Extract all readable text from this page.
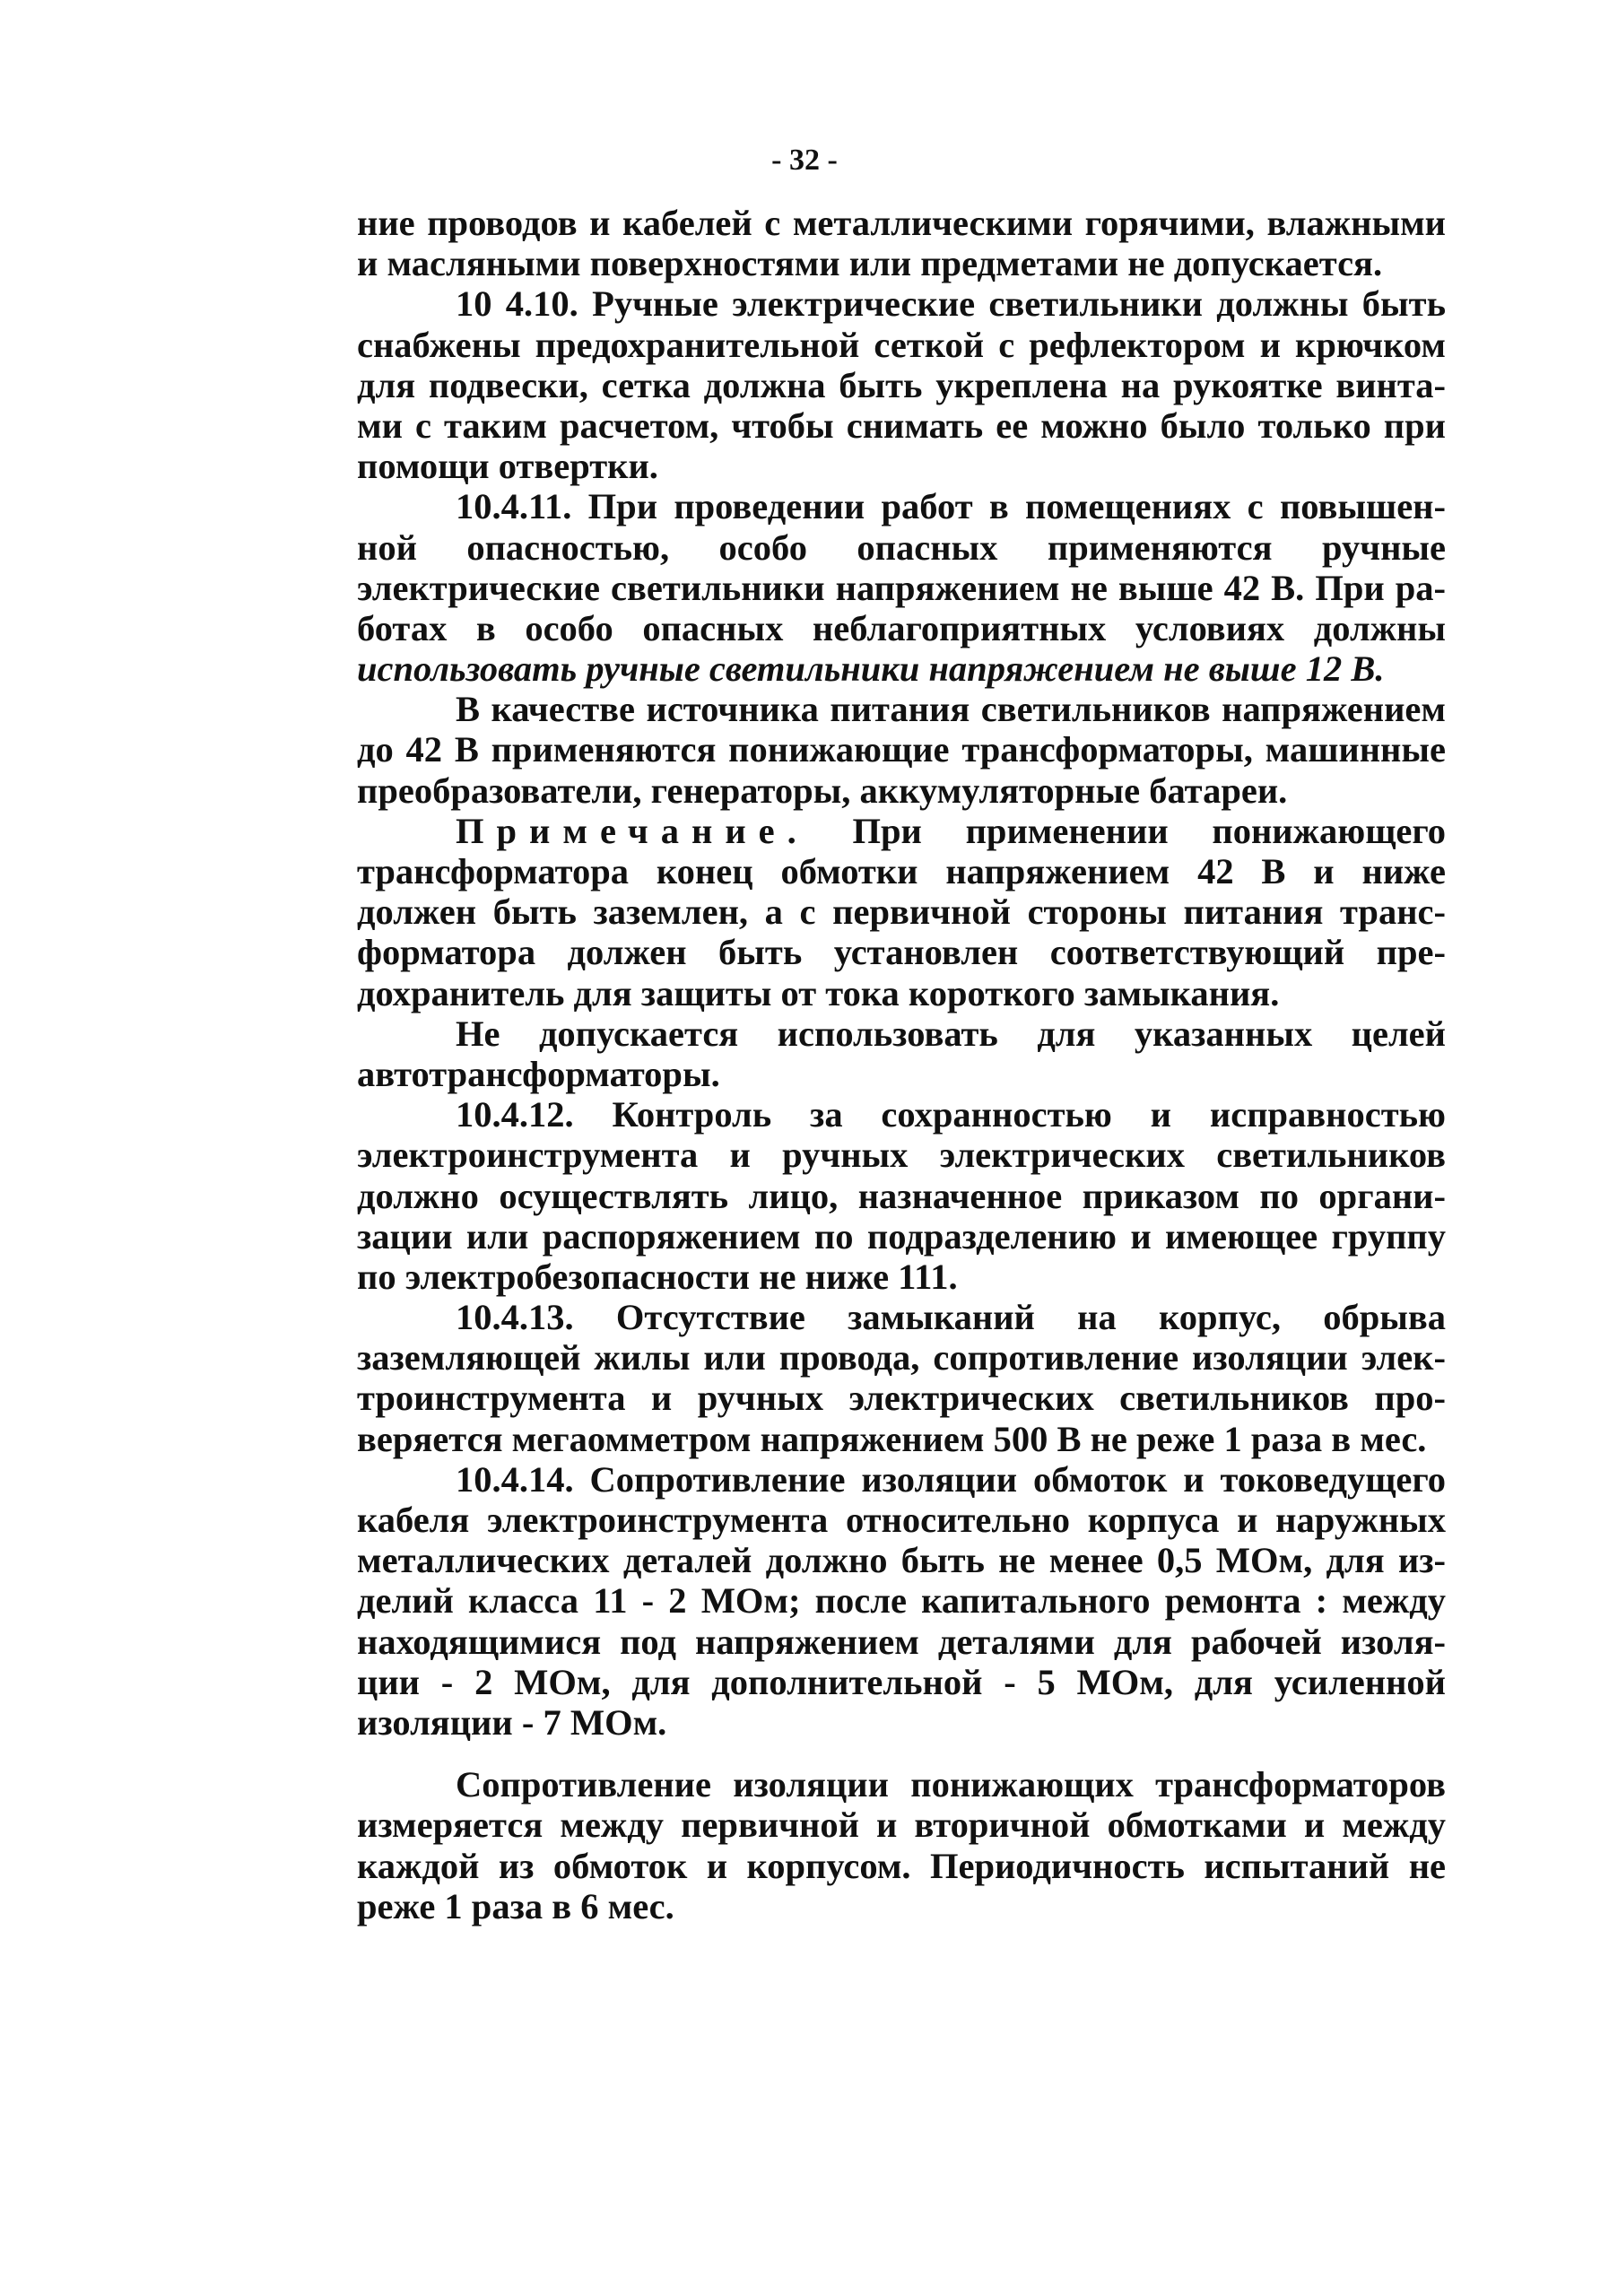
- 32 -
ние проводов и кабелей с металлическими горячими, влажными
и масляными поверхностями или предметами не допускается.
10 4.10. Ручные электрические светильники должны быть
снабжены предохранительной сеткой с рефлектором и крючком
для подвески, сетка должна быть укреплена на рукоятке винта-
ми с таким расчетом, чтобы снимать ее можно было только при
помощи отвертки.
10.4.11. При проведении работ в помещениях с повышен-
ной опасностью, особо опасных применяются ручные
электрические светильники напряжением не выше 42 В. При ра-
ботах в особо опасных неблагоприятных условиях должны
использовать ручные светильники напряжением не выше 12 В.
В качестве источника питания светильников напряжением
до 42 В применяются понижающие трансформаторы, машинные
преобразователи, генераторы, аккумуляторные батареи.
Примечание. При применении понижающего
трансформатора конец обмотки напряжением 42 В и ниже
должен быть заземлен, а с первичной стороны питания транс-
форматора должен быть установлен соответствующий пре-
дохранитель для защиты от тока короткого замыкания.
Не допускается использовать для указанных целей
автотрансформаторы.
10.4.12. Контроль за сохранностью и исправностью
электроинструмента и ручных электрических светильников
должно осуществлять лицо, назначенное приказом по органи-
зации или распоряжением по подразделению и имеющее группу
по электробезопасности не ниже 111.
10.4.13. Отсутствие замыканий на корпус, обрыва
заземляющей жилы или провода, сопротивление изоляции элек-
троинструмента и ручных электрических светильников про-
веряется мегаомметром напряжением 500 В не реже 1 раза в мес.
10.4.14. Сопротивление изоляции обмоток и токоведущего
кабеля электроинструмента относительно корпуса и наружных
металлических деталей должно быть не менее 0,5 МОм, для из-
делий класса 11 - 2 МОм; после капитального ремонта : между
находящимися под напряжением деталями для рабочей изоля-
ции - 2 МОм, для дополнительной - 5 МОм, для усиленной
изоляции - 7 МОм.
Сопротивление изоляции понижающих трансформаторов
измеряется между первичной и вторичной обмотками и между
каждой из обмоток и корпусом. Периодичность испытаний не
реже 1 раза в 6 мес.
